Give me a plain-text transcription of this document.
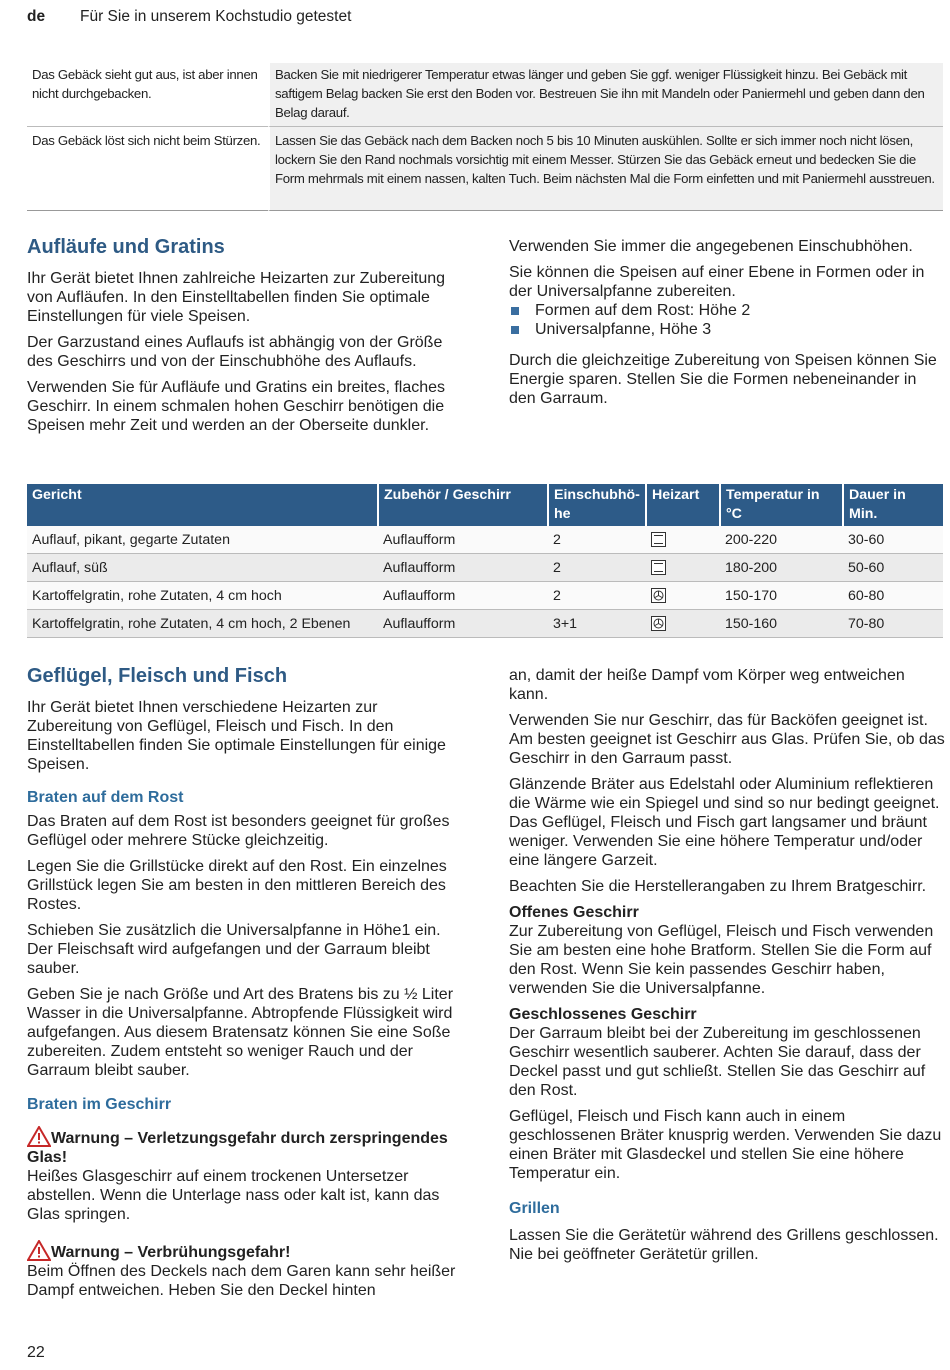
de Für Sie in unserem Kochstudio getestet
Das Gebäck sieht gut aus, ist aber innen nicht durchgebacken.	Backen Sie mit niedrigerer Temperatur etwas länger und geben Sie ggf. weniger Flüssigkeit hinzu. Bei Gebäck mit saftigem Belag backen Sie erst den Boden vor. Bestreuen Sie ihn mit Mandeln oder Paniermehl und geben dann den Belag darauf.
Das Gebäck löst sich nicht beim Stürzen.	Lassen Sie das Gebäck nach dem Backen noch 5 bis 10 Minuten auskühlen. Sollte er sich immer noch nicht lösen, lockern Sie den Rand nochmals vorsichtig mit einem Messer. Stürzen Sie das Gebäck erneut und bedecken Sie die Form mehrmals mit einem nassen, kalten Tuch. Beim nächsten Mal die Form einfetten und mit Paniermehl ausstreuen.
Aufläufe und Gratins

Ihr Gerät bietet Ihnen zahlreiche Heizarten zur Zubereitung von Aufläufen. In den Einstelltabellen finden Sie optimale Einstellungen für viele Speisen.

Der Garzustand eines Auflaufs ist abhängig von der Größe des Geschirrs und von der Einschubhöhe des Auflaufs.

Verwenden Sie für Aufläufe und Gratins ein breites, flaches Geschirr. In einem schmalen hohen Geschirr benötigen die Speisen mehr Zeit und werden an der Oberseite dunkler.

Verwenden Sie immer die angegebenen Einschubhöhen.

Sie können die Speisen auf einer Ebene in Formen oder in der Universalpfanne zubereiten.

Formen auf dem Rost: Höhe 2
Universalpfanne, Höhe 3

Durch die gleichzeitige Zubereitung von Speisen können Sie Energie sparen. Stellen Sie die Formen nebeneinander in den Garraum.

Gericht	Zubehör / Geschirr	Einschubhö-he	Heizart	Temperatur in °C	Dauer in Min.
Auflauf, pikant, gegarte Zutaten	Auflaufform	2		200-220	30-60
Auflauf, süß	Auflaufform	2		180-200	50-60
Kartoffelgratin, rohe Zutaten, 4 cm hoch	Auflaufform	2		150-170	60-80
Kartoffelgratin, rohe Zutaten, 4 cm hoch, 2 Ebenen	Auflaufform	3+1		150-160	70-80
Geflügel, Fleisch und Fisch

Ihr Gerät bietet Ihnen verschiedene Heizarten zur Zubereitung von Geflügel, Fleisch und Fisch. In den Einstelltabellen finden Sie optimale Einstellungen für einige Speisen.

Braten auf dem Rost

Das Braten auf dem Rost ist besonders geeignet für großes Geflügel oder mehrere Stücke gleichzeitig.

Legen Sie die Grillstücke direkt auf den Rost. Ein einzelnes Grillstück legen Sie am besten in den mittleren Bereich des Rostes.

Schieben Sie zusätzlich die Universalpfanne in Höhe1 ein. Der Fleischsaft wird aufgefangen und der Garraum bleibt sauber.

Geben Sie je nach Größe und Art des Bratens bis zu ½ Liter Wasser in die Universalpfanne. Abtropfende Flüssigkeit wird aufgefangen. Aus diesem Bratensatz können Sie eine Soße zubereiten. Zudem entsteht so weniger Rauch und der Garraum bleibt sauber.

Braten im Geschirr
Warnung – Verletzungsgefahr durch zerspringendes Glas!

Heißes Glasgeschirr auf einem trockenen Untersetzer abstellen. Wenn die Unterlage nass oder kalt ist, kann das Glas springen.

Warnung – Verbrühungsgefahr!

Beim Öffnen des Deckels nach dem Garen kann sehr heißer Dampf entweichen. Heben Sie den Deckel hinten

an, damit der heiße Dampf vom Körper weg entweichen kann.

Verwenden Sie nur Geschirr, das für Backöfen geeignet ist. Am besten geeignet ist Geschirr aus Glas. Prüfen Sie, ob das Geschirr in den Garraum passt.

Glänzende Bräter aus Edelstahl oder Aluminium reflektieren die Wärme wie ein Spiegel und sind so nur bedingt geeignet. Das Geflügel, Fleisch und Fisch gart langsamer und bräunt weniger. Verwenden Sie eine höhere Temperatur und/oder eine längere Garzeit.

Beachten Sie die Herstellerangaben zu Ihrem Bratgeschirr.

Offenes Geschirr

Zur Zubereitung von Geflügel, Fleisch und Fisch verwenden Sie am besten eine hohe Bratform. Stellen Sie die Form auf den Rost. Wenn Sie kein passendes Geschirr haben, verwenden Sie die Universalpfanne.

Geschlossenes Geschirr

Der Garraum bleibt bei der Zubereitung im geschlossenen Geschirr wesentlich sauberer. Achten Sie darauf, dass der Deckel passt und gut schließt. Stellen Sie das Geschirr auf den Rost.

Geflügel, Fleisch und Fisch kann auch in einem geschlossenen Bräter knusprig werden. Verwenden Sie dazu einen Bräter mit Glasdeckel und stellen Sie eine höhere Temperatur ein.

Grillen

Lassen Sie die Gerätetür während des Grillens geschlossen. Nie bei geöffneter Gerätetür grillen.

22
